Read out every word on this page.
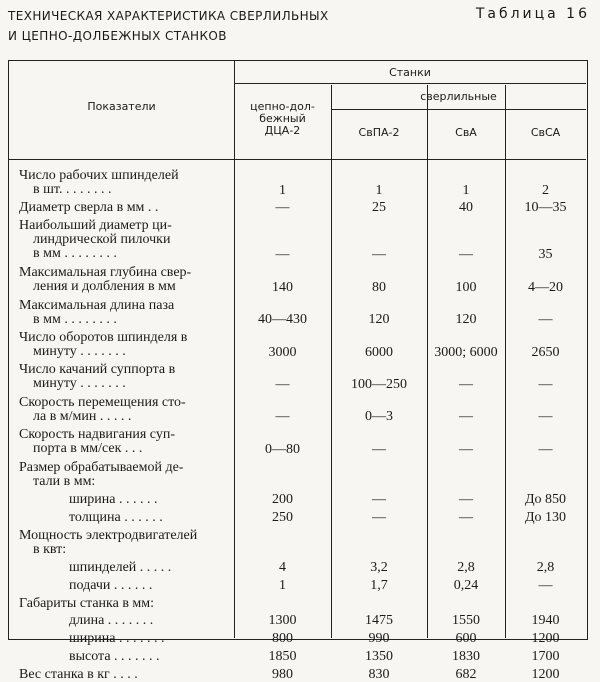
ТЕХНИЧЕСКАЯ ХАРАКТЕРИСТИКА СВЕРЛИЛЬНЫХ
И ЦЕПНО-ДОЛБЕЖНЫХ СТАНКОВ
Таблица 16
Показатели
Станки
сверлильные
цепно-дол-
бежный
ДЦА-2	СвПА-2	СвА	СвСА
Число рабочих шпинделей
в шт. . . . . . . .	1	1	1	2
Диаметр сверла в мм . .	—	25	40	10—35
Наибольший диаметр ци-
линдрической пилочки
в мм . . . . . . . .	—	—	—	35
Максимальная глубина свер-
ления и долбления в мм	140	80	100	4—20
Максимальная длина паза
в мм . . . . . . . .	40—430	120	120	—
Число оборотов шпинделя в
минуту . . . . . . .	3000	6000	3000; 6000	2650
Число качаний суппорта в
минуту . . . . . . .	—	100—250	—	—
Скорость перемещения сто-
ла в м/мин . . . . .	—	0—3	—	—
Скорость надвигания суп-
порта в мм/сек . . .	0—80	—	—	—
Размер обрабатываемой де-
тали в мм:
ширина . . . . . .	200	—	—	До 850
толщина . . . . . .	250	—	—	До 130
Мощность электродвигателей
в квт:
шпинделей . . . . .	4	3,2	2,8	2,8
подачи . . . . . .	1	1,7	0,24	—
Габариты станка в мм:
длина . . . . . . .	1300	1475	1550	1940
ширина . . . . . . .	800	990	600	1200
высота . . . . . . .	1850	1350	1830	1700
Вес станка в кг . . . .	980	830	682	1200
